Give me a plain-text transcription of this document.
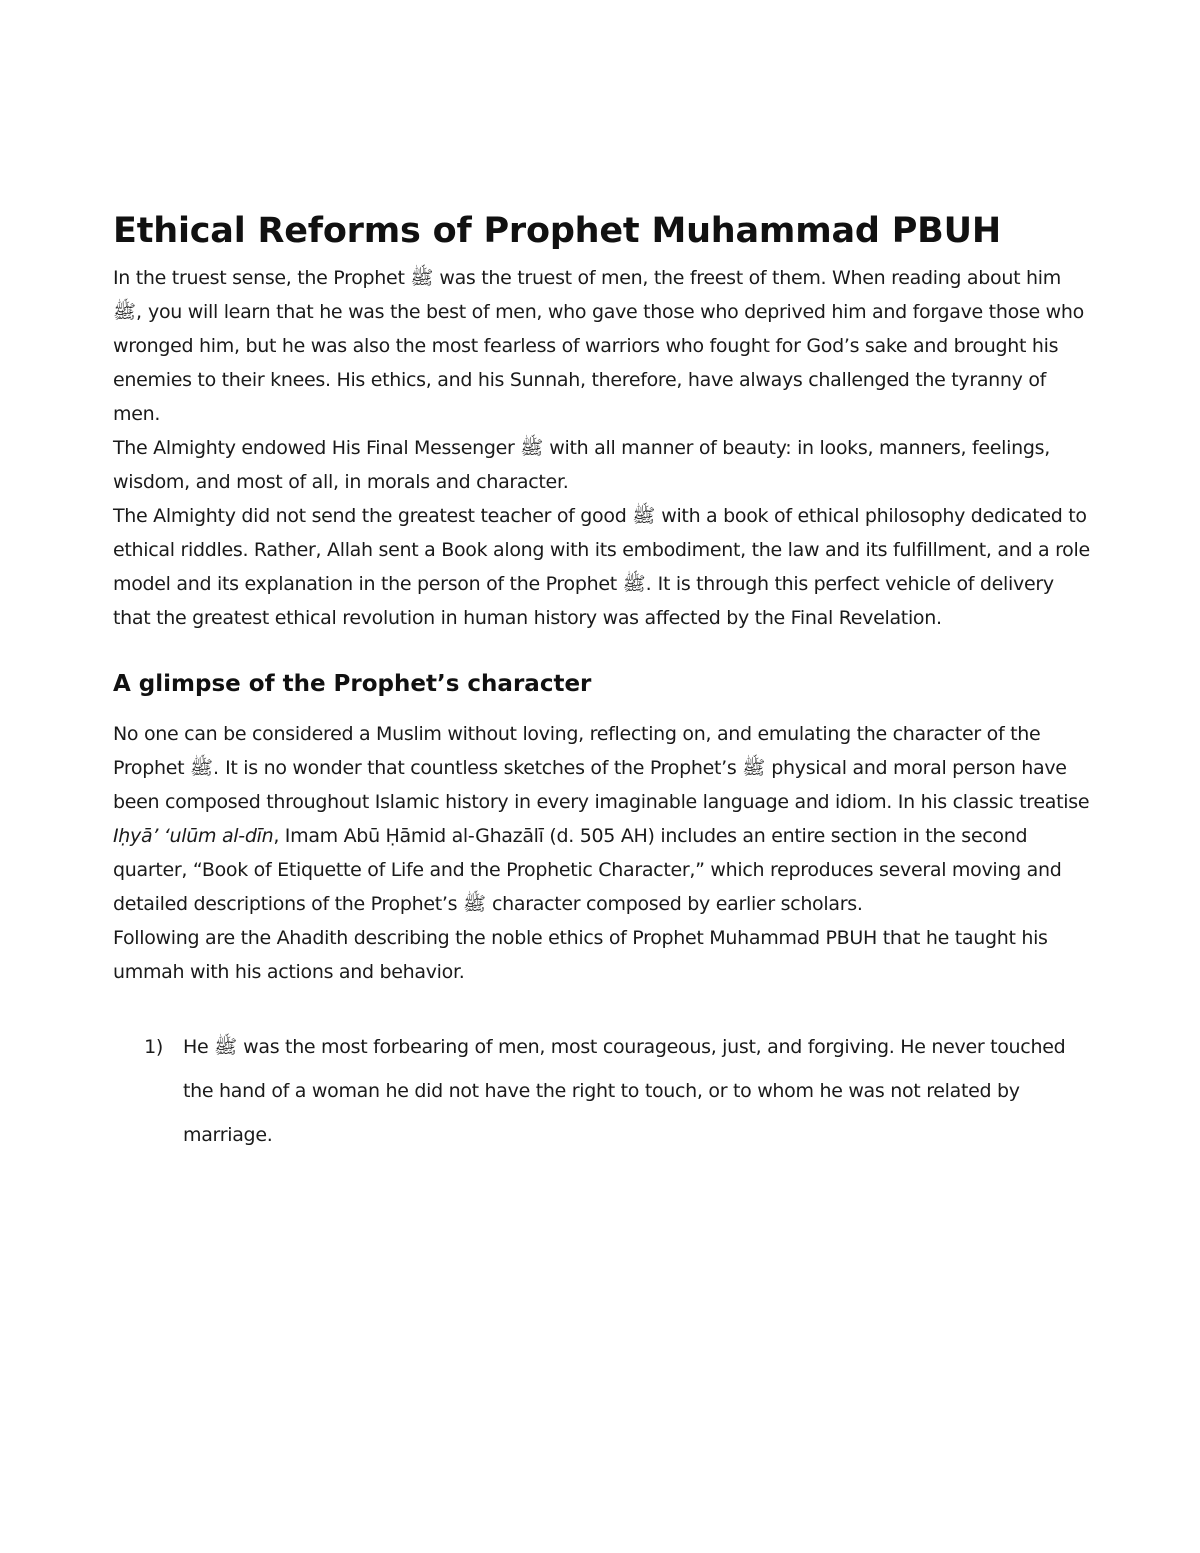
Ethical Reforms of Prophet Muhammad PBUH

In the truest sense, the Prophet ﷺ was the truest of men, the freest of them. When reading about him ﷺ, you will learn that he was the best of men, who gave those who deprived him and forgave those who wronged him, but he was also the most fearless of warriors who fought for God’s sake and brought his enemies to their knees. His ethics, and his Sunnah, therefore, have always challenged the tyranny of men.

The Almighty endowed His Final Messenger ﷺ with all manner of beauty: in looks, manners, feelings, wisdom, and most of all, in morals and character.

The Almighty did not send the greatest teacher of good ﷺ with a book of ethical philosophy dedicated to ethical riddles. Rather, Allah sent a Book along with its embodiment, the law and its fulfillment, and a role model and its explanation in the person of the Prophet ﷺ. It is through this perfect vehicle of delivery that the greatest ethical revolution in human history was affected by the Final Revelation.

A glimpse of the Prophet’s character

No one can be considered a Muslim without loving, reflecting on, and emulating the character of the Prophet ﷺ. It is no wonder that countless sketches of the Prophet’s ﷺ physical and moral person have been composed throughout Islamic history in every imaginable language and idiom. In his classic treatise Iḥyā’ ‘ulūm al-dīn, Imam Abū Ḥāmid al-Ghazālī (d. 505 AH) includes an entire section in the second quarter, “Book of Etiquette of Life and the Prophetic Character,” which reproduces several moving and detailed descriptions of the Prophet’s ﷺ character composed by earlier scholars.

Following are the Ahadith describing the noble ethics of Prophet Muhammad PBUH that he taught his ummah with his actions and behavior.

1)	He ﷺ was the most forbearing of men, most courageous, just, and forgiving. He never touched the hand of a woman he did not have the right to touch, or to whom he was not related by marriage.
